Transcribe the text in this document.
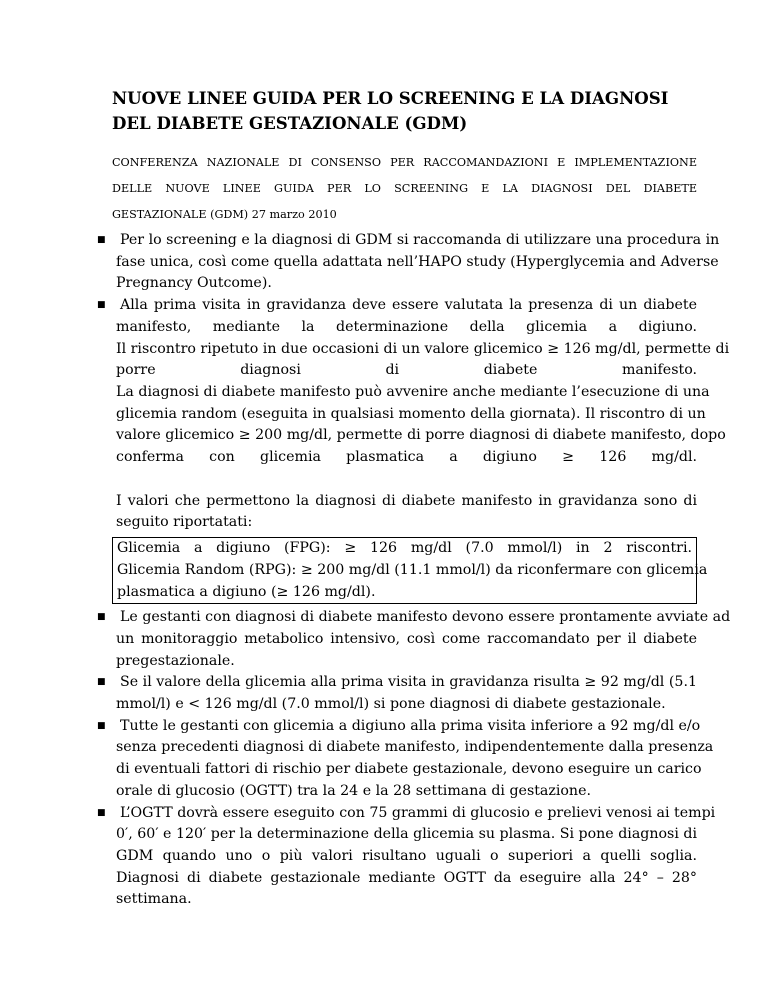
NUOVE LINEE GUIDA PER LO SCREENING E LA DIAGNOSI
DEL DIABETE GESTAZIONALE (GDM)
CONFERENZA NAZIONALE DI CONSENSO PER RACCOMANDAZIONI E IMPLEMENTAZIONE
DELLE NUOVE LINEE GUIDA PER LO SCREENING E LA DIAGNOSI DEL DIABETE
GESTAZIONALE (GDM) 27 marzo 2010
■ Per lo screening e la diagnosi di GDM si raccomanda di utilizzare una procedura in
fase unica, così come quella adattata nell’HAPO study (Hyperglycemia and Adverse
Pregnancy Outcome).
■ Alla prima visita in gravidanza deve essere valutata la presenza di un diabete
manifesto, mediante la determinazione della glicemia a digiuno.
Il riscontro ripetuto in due occasioni di un valore glicemico ≥ 126 mg/dl, permette di
porre diagnosi di diabete manifesto.
La diagnosi di diabete manifesto può avvenire anche mediante l’esecuzione di una
glicemia random (eseguita in qualsiasi momento della giornata). Il riscontro di un
valore glicemico ≥ 200 mg/dl, permette di porre diagnosi di diabete manifesto, dopo
conferma con glicemia plasmatica a digiuno ≥ 126 mg/dl.
I valori che permettono la diagnosi di diabete manifesto in gravidanza sono di
seguito riportatati:
Glicemia a digiuno (FPG): ≥ 126 mg/dl (7.0 mmol/l) in 2 riscontri.
Glicemia Random (RPG): ≥ 200 mg/dl (11.1 mmol/l) da riconfermare con glicemia
plasmatica a digiuno (≥ 126 mg/dl).
■ Le gestanti con diagnosi di diabete manifesto devono essere prontamente avviate ad
un monitoraggio metabolico intensivo, così come raccomandato per il diabete
pregestazionale.
■ Se il valore della glicemia alla prima visita in gravidanza risulta ≥ 92 mg/dl (5.1
mmol/l) e < 126 mg/dl (7.0 mmol/l) si pone diagnosi di diabete gestazionale.
■ Tutte le gestanti con glicemia a digiuno alla prima visita inferiore a 92 mg/dl e/o
senza precedenti diagnosi di diabete manifesto, indipendentemente dalla presenza
di eventuali fattori di rischio per diabete gestazionale, devono eseguire un carico
orale di glucosio (OGTT) tra la 24 e la 28 settimana di gestazione.
■ L’OGTT dovrà essere eseguito con 75 grammi di glucosio e prelievi venosi ai tempi
0′, 60′ e 120′ per la determinazione della glicemia su plasma. Si pone diagnosi di
GDM quando uno o più valori risultano uguali o superiori a quelli soglia.
Diagnosi di diabete gestazionale mediante OGTT da eseguire alla 24° – 28°
settimana.
